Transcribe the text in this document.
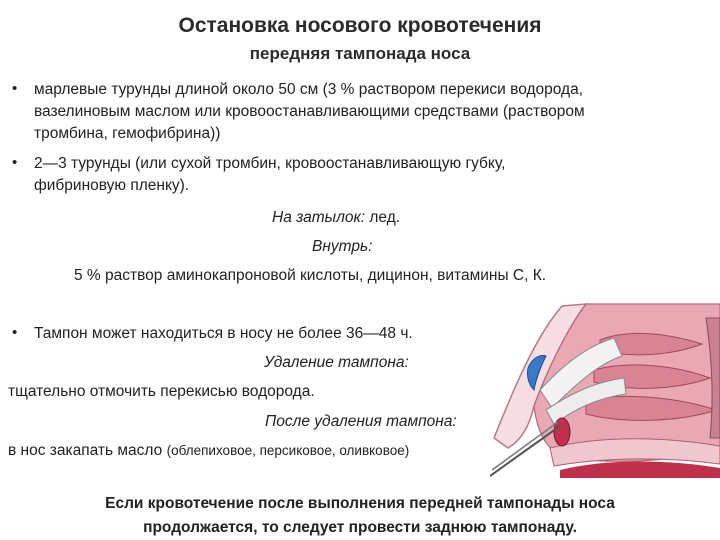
Остановка носового кровотечения
передняя тампонада носа
• марлевые турунды длиной около 50 см (3 % раствором перекиси водорода,
вазелиновым маслом или кровоостанавливающими средствами (раствором
тромбина, гемофибрина))
• 2—3 турунды (или сухой тромбин, кровоостанавливающую губку,
фибриновую пленку).
На затылок: лед.
Внутрь:
5 % раствор аминокапроновой кислоты, дицинон, витамины С, К.
• Тампон может находиться в носу не более 36—48 ч.
Удаление тампона:
тщательно отмочить перекисью водорода.
После удаления тампона:
в нос закапать масло (облепиховое, персиковое, оливковое)
Если кровотечение после выполнения передней тампонады носа
продолжается, то следует провести заднюю тампонаду.
